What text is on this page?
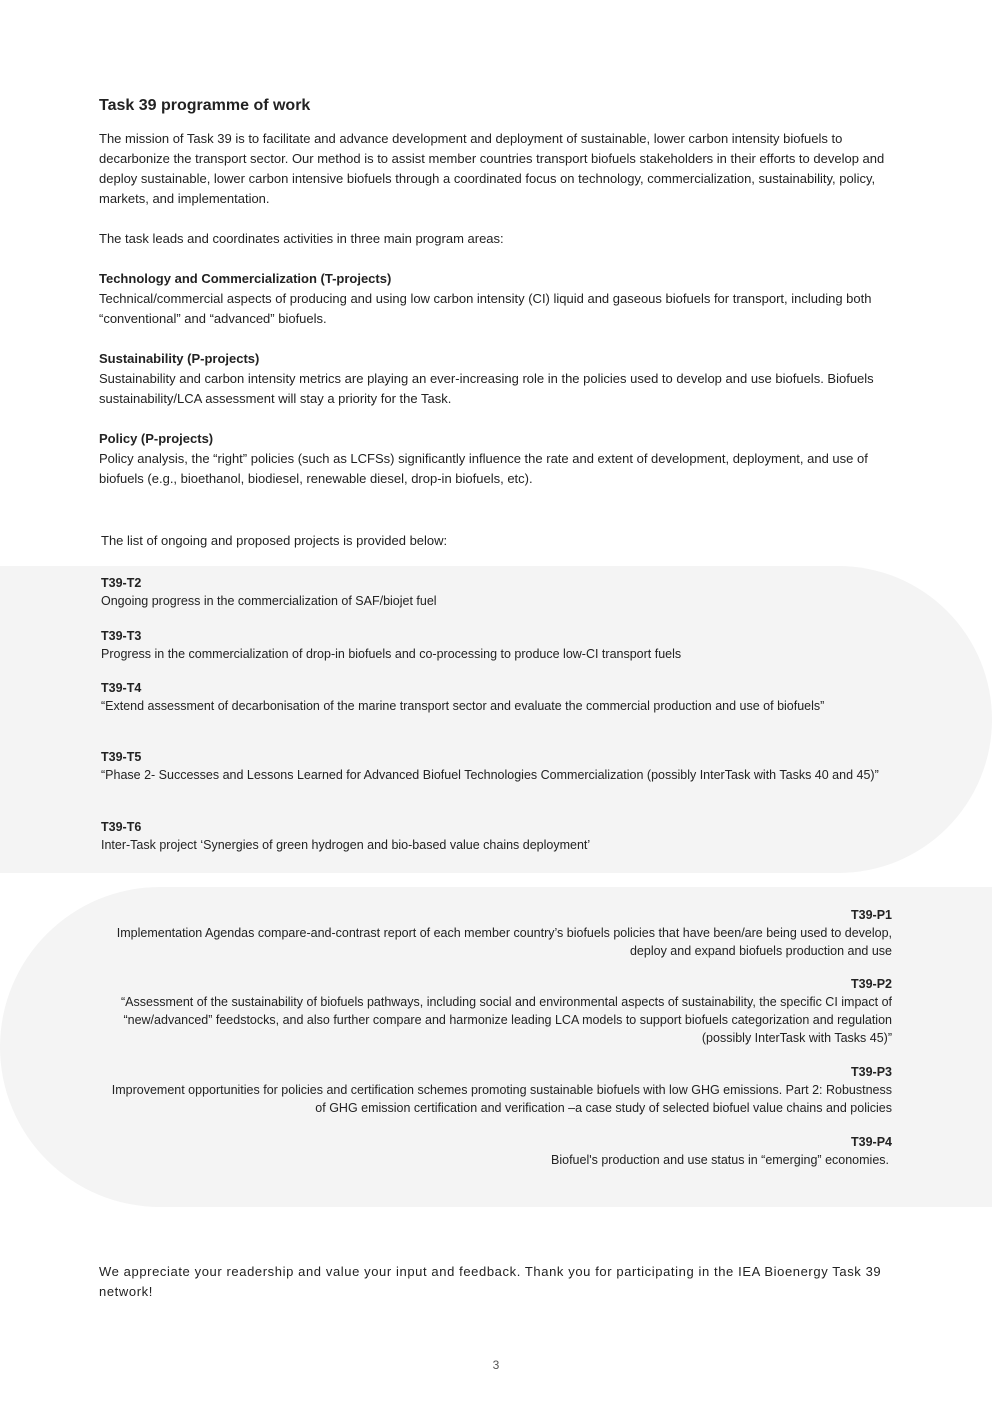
Task 39 programme of work

The mission of Task 39 is to facilitate and advance development and deployment of sustainable, lower carbon intensity biofuels to decarbonize the transport sector. Our method is to assist member countries transport biofuels stakeholders in their efforts to develop and deploy sustainable, lower carbon intensive biofuels through a coordinated focus on technology, commercialization, sustainability, policy, markets, and implementation.

The task leads and coordinates activities in three main program areas:

Technology and Commercialization (T-projects)
Technical/commercial aspects of producing and using low carbon intensity (CI) liquid and gaseous biofuels for transport, including both “conventional” and “advanced” biofuels.
Sustainability (P-projects)
Sustainability and carbon intensity metrics are playing an ever-increasing role in the policies used to develop and use biofuels. Biofuels sustainability/LCA assessment will stay a priority for the Task.
Policy (P-projects)
Policy analysis, the “right” policies (such as LCFSs) significantly influence the rate and extent of development, deployment, and use of biofuels (e.g., bioethanol, biodiesel, renewable diesel, drop-in biofuels, etc).

The list of ongoing and proposed projects is provided below:

T39-T2
Ongoing progress in the commercialization of SAF/biojet fuel
T39-T3
Progress in the commercialization of drop-in biofuels and co-processing to produce low-CI transport fuels
T39-T4
“Extend assessment of decarbonisation of the marine transport sector and evaluate the commercial production and use of biofuels”
T39-T5
“Phase 2- Successes and Lessons Learned for Advanced Biofuel Technologies Commercialization (possibly InterTask with Tasks 40 and 45)”
T39-T6
Inter-Task project ‘Synergies of green hydrogen and bio-based value chains deployment’
T39-P1
Implementation Agendas compare-and-contrast report of each member country’s biofuels policies that have been/are being used to develop, deploy and expand biofuels production and use
T39-P2
“Assessment of the sustainability of biofuels pathways, including social and environmental aspects of sustainability, the specific CI impact of “new/advanced” feedstocks, and also further compare and harmonize leading LCA models to support biofuels categorization and regulation (possibly InterTask with Tasks 45)”
T39-P3
Improvement opportunities for policies and certification schemes promoting sustainable biofuels with low GHG emissions. Part 2: Robustness of GHG emission certification and verification –a case study of selected biofuel value chains and policies
T39-P4
Biofuel's production and use status in “emerging” economies.

We appreciate your readership and value your input and feedback. Thank you for participating in the IEA Bioenergy Task 39 network!

3
